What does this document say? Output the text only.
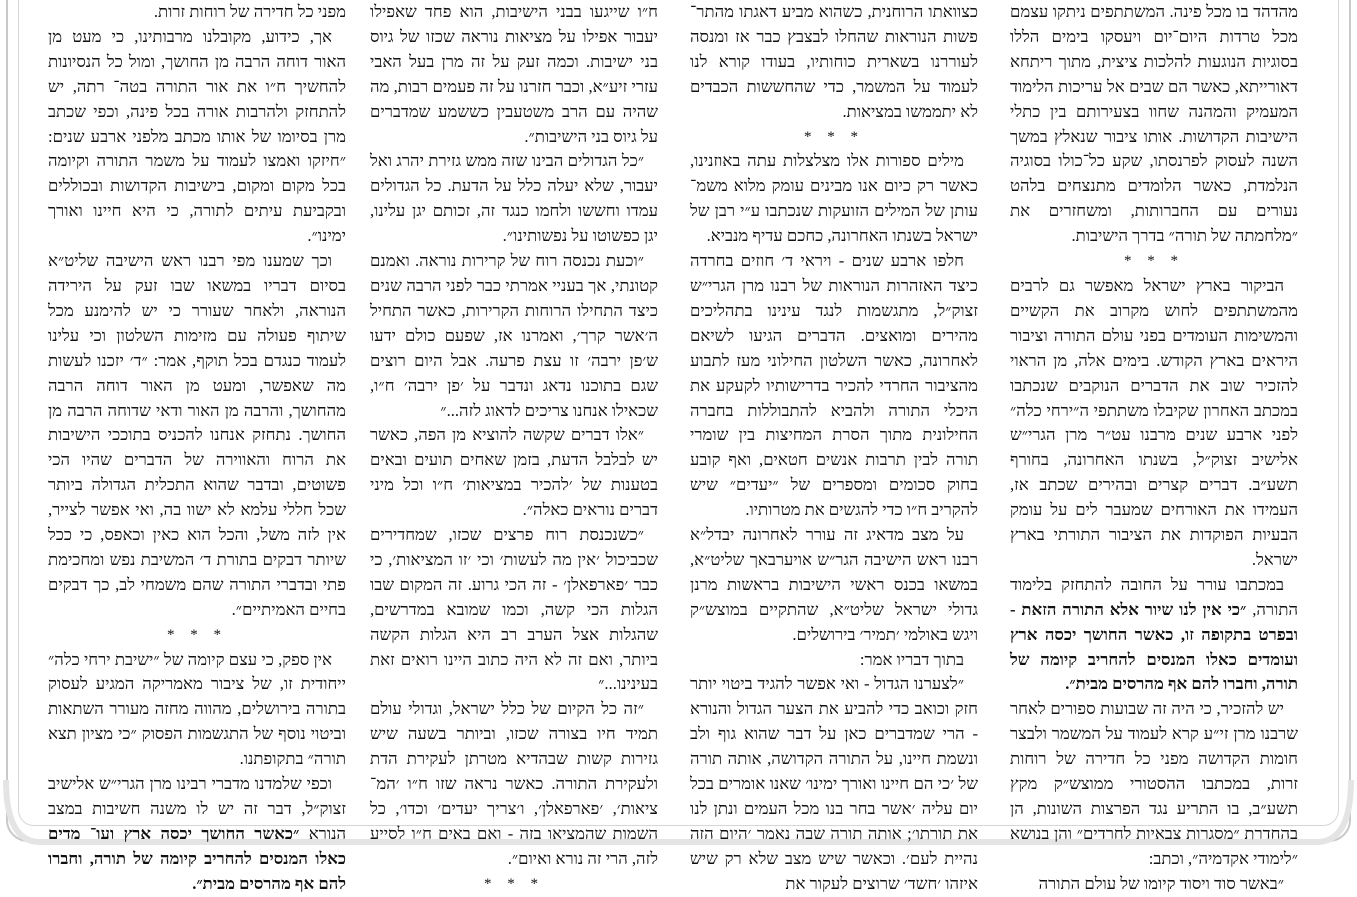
מהדהד בו מכל פינה. המשתתפים ניתקו עצמם מכל טרדות היום־יום ויעסקו בימים הללו בסוגיות הנוגעות להלכות ציצית, מתוך ריתחא דאורייתא, כאשר הם שבים אל עריכות הלימוד המעמיק והמהנה שחוו בצעירותם בין כתלי הישיבות הקדושות. אותו ציבור שנאלץ במשך השנה לעסוק לפרנסתו, שקע כל־כולו בסוגיה הנלמדת, כאשר הלומדים מתנצחים בלהט נעורים עם החברותות, ומשחזרים את ״מלחמתה של תורה״ בדרך הישיבות.

* * *

הביקור בארץ ישראל מאפשר גם לרבים מהמשתתפים לחוש מקרוב את הקשיים והמשימות העומדים בפני עולם התורה וציבור היראים בארץ הקודש. בימים אלה, מן הראוי להזכיר שוב את הדברים הנוקבים שנכתבו במכתב האחרון שקיבלו משתתפי ה״ירחי כלה״ לפני ארבע שנים מרבנו עט״ר מרן הגרי״ש אלישיב זצוק״ל, בשנתו האחרונה, בחורף תשע״ב. דברים קצרים ובהירים שכתב אז, העמידו את האורחים שמעבר לים על עומק הבעיות הפוקדות את הציבור התורתי בארץ ישראל.

במכתבו עורר על החובה להתחזק בלימוד התורה, ״כי אין לנו שיור אלא התורה הזאת - ובפרט בתקופה זו, כאשר החושך יכסה ארץ ועומדים כאלו המנסים להחריב קיומה של תורה, וחברו להם אף מהרסים מבית״.

יש להזכיר, כי היה זה שבועות ספורים לאחר שרבנו מרן זי״ע קרא לעמוד על המשמר ולבצר חומות הקדושה מפני כל חדירה של רוחות זרות, במכתבו ההסטורי ממוצש״ק מקץ תשע״ב, בו התריע נגד הפרצות השונות, הן בהחדרת ״מסגרות צבאיות לחרדים״ והן בנושא ״לימודי אקדמיה״, וכתב:

״באשר סוד ויסוד קיומו של עולם התורה

כצוואתו הרוחנית, כשהוא מביע דאגתו מהתר־ פשות הנוראות שהחלו לבצבץ כבר אז ומנסה לעוררנו בשארית כוחותיו, בעודו קורא לנו לעמוד על המשמר, כדי שהחששות הכבדים לא יתממשו במציאות.

* * *

מילים ספורות אלו מצלצלות עתה באוזנינו, כאשר רק כיום אנו מבינים עומק מלוא משמ־ עותן של המילים הזועקות שנכתבו ע״י רבן של ישראל בשנתו האחרונה, כחכם עדיף מנביא.

חלפו ארבע שנים - ויראי ד׳ חוזים בחרדה כיצד האזהרות הנוראות של רבנו מרן הגרי״ש זצוק״ל, מתגשמות לנגד עינינו בתהליכים מהירים ומואצים. הדברים הגיעו לשיאם לאחרונה, כאשר השלטון החילוני מעז לתבוע מהציבור החרדי להכיר בדרישותיו לקעקע את היכלי התורה ולהביא להתבוללות בחברה החילונית מתוך הסרת המחיצות בין שומרי תורה לבין תרבות אנשים חטאים, ואף קובע בחוק סכומים ומספרים של ״יעדים״ שיש להקריב ח״ו כדי להגשים את מטרותיו.

על מצב מדאיג זה עורר לאחרונה יבדל״א רבנו ראש הישיבה הגר״ש אויערבאך שליט״א, במשאו בכנס ראשי הישיבות בראשות מרנן גדולי ישראל שליט״א, שהתקיים במוצש״ק ויגש באולמי ׳תמיר׳ בירושלים.

בתוך דבריו אמר:

״לצערנו הגדול - ואי אפשר להגיד ביטוי יותר חזק וכואב כדי להביע את הצער הגדול והנורא - הרי שמדברים כאן על דבר שהוא גוף ולב ונשמת חיינו, על התורה הקדושה, אותה תורה של ׳כי הם חיינו ואורך ימינו׳ שאנו אומרים בכל יום עליה ׳אשר בחר בנו מכל העמים ונתן לנו את תורתו׳; אותה תורה שבה נאמר ׳היום הזה נהיית לעם׳. וכאשר שיש מצב שלא רק שיש איזהו ׳חשד׳ שרוצים לעקור את

ח״ו שייגעו בבני הישיבות, הוא פחד שאפילו יעבור אפילו על מציאות נוראה שכזו של גיוס בני ישיבות. וכמה זעק על זה מרן בעל האבי עזרי זיע״א, וכבר חזרנו על זה פעמים רבות, מה שהיה עם הרב משטעבין כששמע שמדברים על גיוס בני הישיבות״.

״כל הגדולים הבינו שזה ממש גזירת יהרג ואל יעבור, שלא יעלה כלל על הדעת. כל הגדולים עמדו וחששו ולחמו כנגד זה, זכותם יגן עלינו, יגן כפשוטו על נפשותינו״.

״וכעת נכנסה רוח של קרירות נוראה. ואמנם קטונתי, אך בעניי אמרתי כבר לפני הרבה שנים כיצד התחילו הרוחות הקרירות, כאשר התחיל ה׳אשר קרך׳, ואמרנו אז, שפעם כולם ידעו ש׳פן ירבה׳ זו עצת פרעה. אבל היום רוצים שגם בתוכנו נדאג ונדבר על ׳פן ירבה׳ ח״ו, שכאילו אנחנו צריכים לדאוג לזה...״

״אלו דברים שקשה להוציא מן הפה, כאשר יש לבלבל הדעת, בזמן שאחים תועים ובאים בטענות של ׳להכיר במציאות׳ ח״ו וכל מיני דברים נוראים כאלה״.

״כשנכנסת רוח פרצים שכזו, שמחדירים שכביכול ׳אין מה לעשות׳ וכי ׳זו המציאות׳, כי כבר ׳פארפאלן׳ - זה הכי גרוע. זה המקום שבו הגלות הכי קשה, וכמו שמובא במדרשים, שהגלות אצל הערב רב היא הגלות הקשה ביותר, ואם זה לא היה כתוב היינו רואים זאת בעינינו...״

״זה כל הקיום של כלל ישראל, וגדולי עולם תמיד חיו בצורה שכזו, וביותר בשעה שיש גזירות קשות שבהדיא מטרתן לעקירת הדת ולעקירת התורה. כאשר נראה שזו ח״ו ׳המ־ ציאות׳, ׳פארפאלן׳, ו׳צריך יעדים׳ וכדו׳, כל השמות שהמציאו בזה - ואם באים ח״ו לסייע לזה, הרי זה נורא ואיום״.

* * *

מפני כל חדירה של רוחות זרות.

אך, כידוע, מקובלנו מרבותינו, כי מעט מן האור דוחה הרבה מן החושך, ומול כל הנסיונות להחשיך ח״ו את אור התורה בטה־ רתה, יש להתחזק ולהרבות אורה בכל פינה, וכפי שכתב מרן בסיומו של אותו מכתב מלפני ארבע שנים: ״חיזקו ואמצו לעמוד על משמר התורה וקיומה בכל מקום ומקום, בישיבות הקדושות ובכוללים ובקביעת עיתים לתורה, כי היא חיינו ואורך ימינו״.

וכך שמענו מפי רבנו ראש הישיבה שליט״א בסיום דבריו במשאו שבו זעק על הירידה הנוראה, ולאחר שעורר כי יש להימנע מכל שיתוף פעולה עם מזימות השלטון וכי עלינו לעמוד כנגדם בכל תוקף, אמר: ״ד׳ יזכנו לעשות מה שאפשר, ומעט מן האור דוחה הרבה מהחושך, והרבה מן האור ודאי שדוחה הרבה מן החושך. נתחזק אנחנו להכניס בתוככי הישיבות את הרוח והאווירה של הדברים שהיו הכי פשוטים, ובדבר שהוא התכלית הגדולה ביותר שכל חללי עלמא לא ישוו בה, ואי אפשר לצייר, אין לזה משל, והכל הוא כאין וכאפס, כי ככל שיותר דבקים בתורת ד׳ המשיבת נפש ומחכימת פתי ובדברי התורה שהם משמחי לב, כך דבקים בחיים האמיתיים״.

* * *

אין ספק, כי עצם קיומה של ״ישיבת ירחי כלה״ ייחודית זו, של ציבור מאמריקה המגיע לעסוק בתורה בירושלים, מהווה מחזה מעורר השתאות וביטוי נוסף של התגשמות הפסוק ״כי מציון תצא תורה״ בתקופתנו.

וכפי שלמדנו מדברי רבינו מרן הגרי״ש אלישיב זצוק״ל, דבר זה יש לו משנה חשיבות במצב הנורא ״כאשר החושך יכסה ארץ ועו־ מדים כאלו המנסים להחריב קיומה של תורה, וחברו להם אף מהרסים מבית״.
